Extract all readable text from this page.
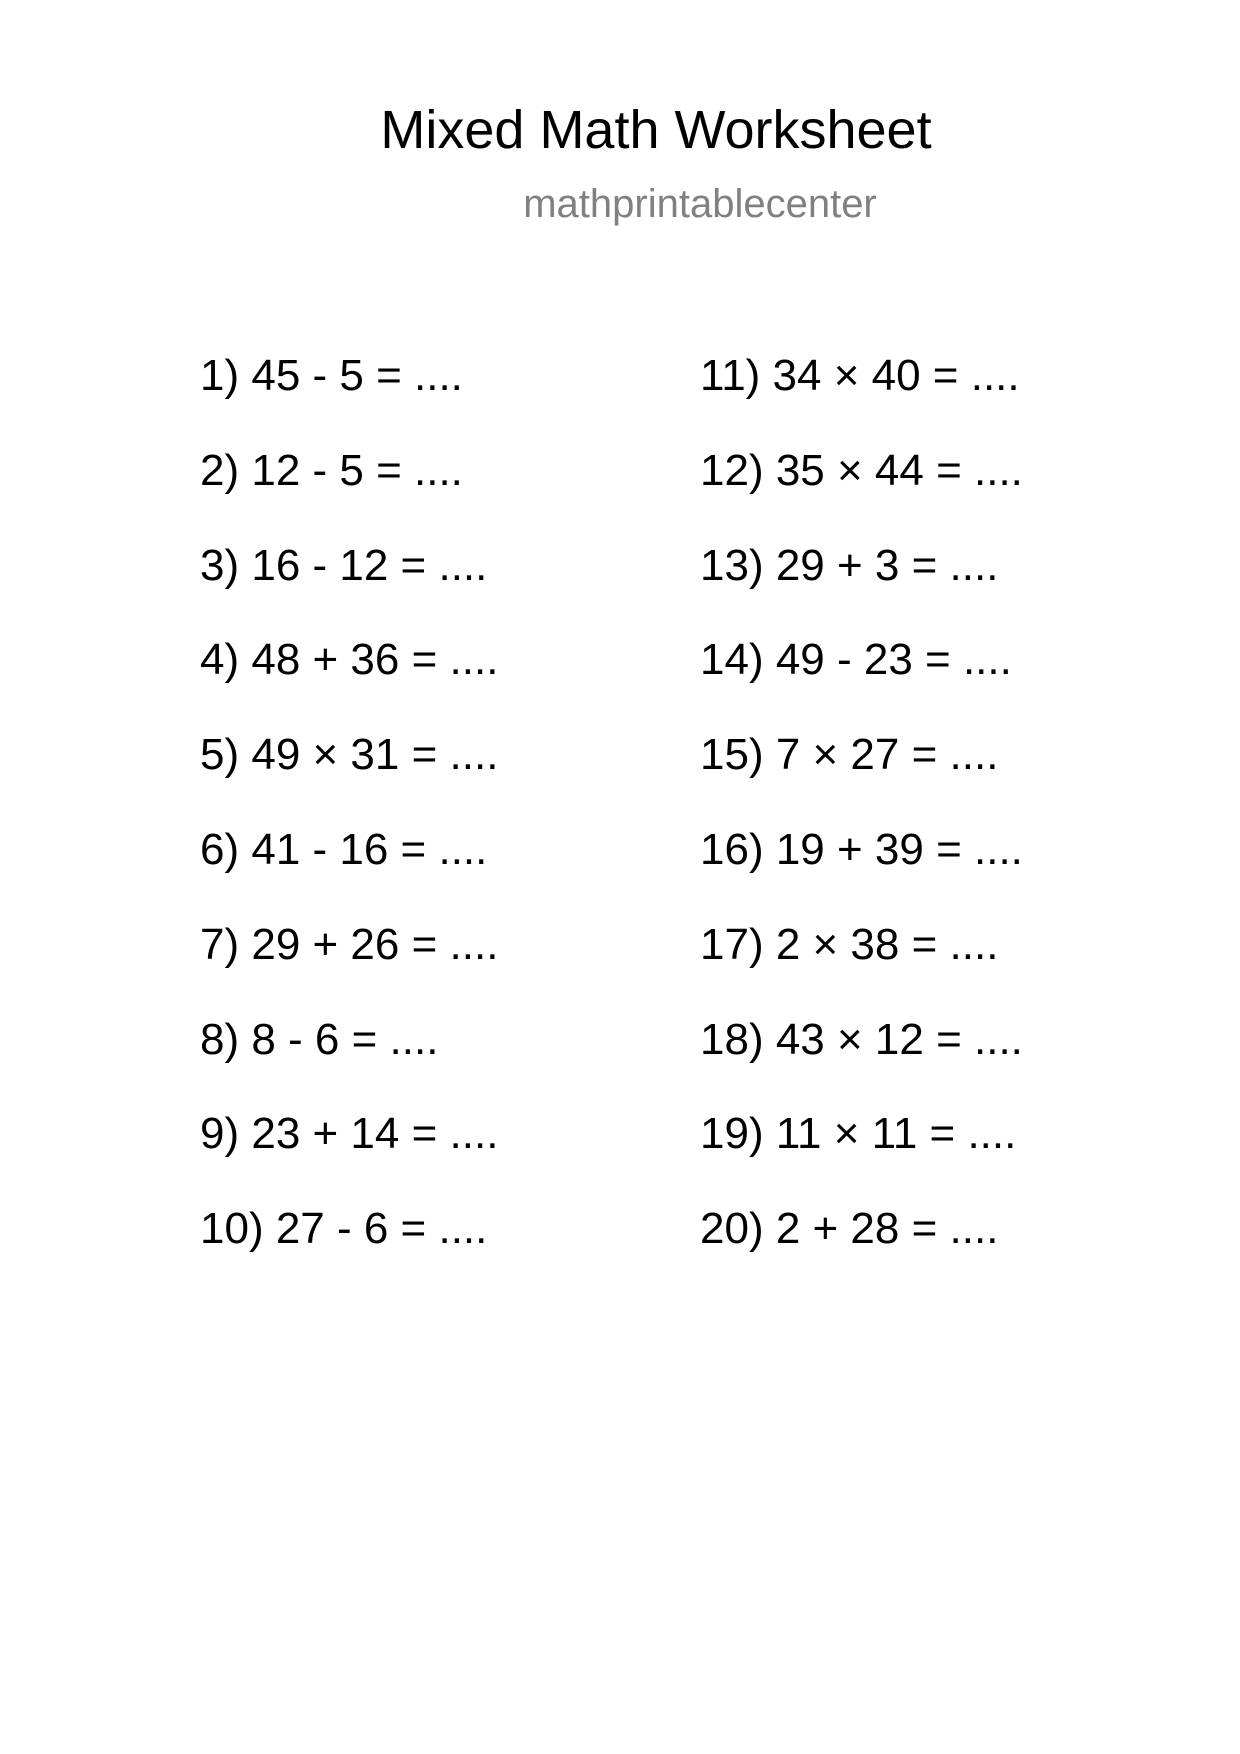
Mixed Math Worksheet
mathprintablecenter
1) 45 - 5 = ....
2) 12 - 5 = ....
3) 16 - 12 = ....
4) 48 + 36 = ....
5) 49 × 31 = ....
6) 41 - 16 = ....
7) 29 + 26 = ....
8) 8 - 6 = ....
9) 23 + 14 = ....
10) 27 - 6 = ....
11) 34 × 40 = ....
12) 35 × 44 = ....
13) 29 + 3 = ....
14) 49 - 23 = ....
15) 7 × 27 = ....
16) 19 + 39 = ....
17) 2 × 38 = ....
18) 43 × 12 = ....
19) 11 × 11 = ....
20) 2 + 28 = ....
